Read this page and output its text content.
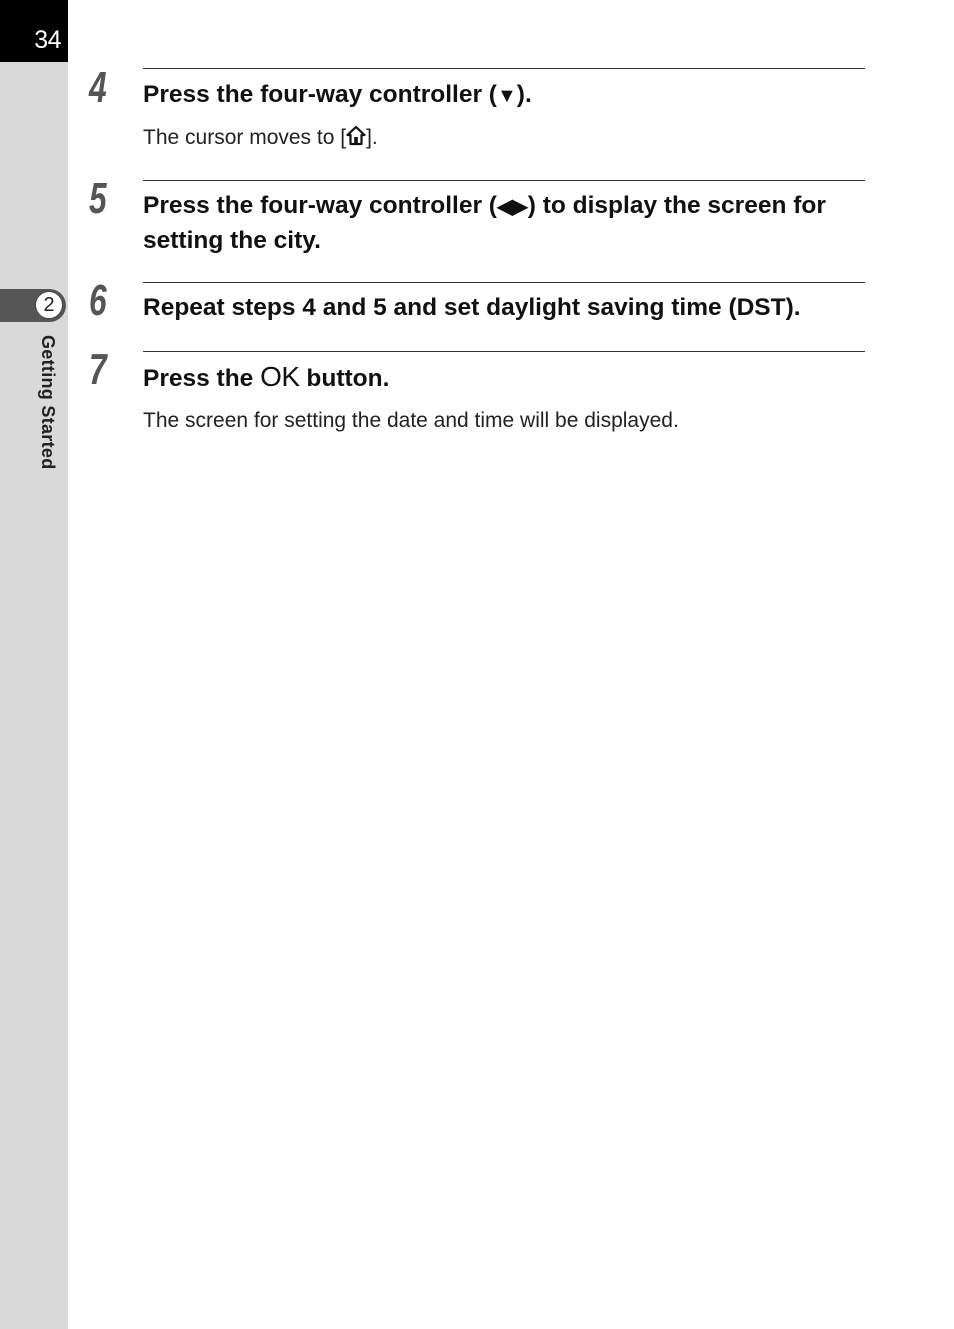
34
2
Getting Started
4 Press the four-way controller (▼).
The cursor moves to [ ].
5 Press the four-way controller (◀▶) to display the screen for setting the city.
6 Repeat steps 4 and 5 and set daylight saving time (DST).
7 Press the OK button.
The screen for setting the date and time will be displayed.
